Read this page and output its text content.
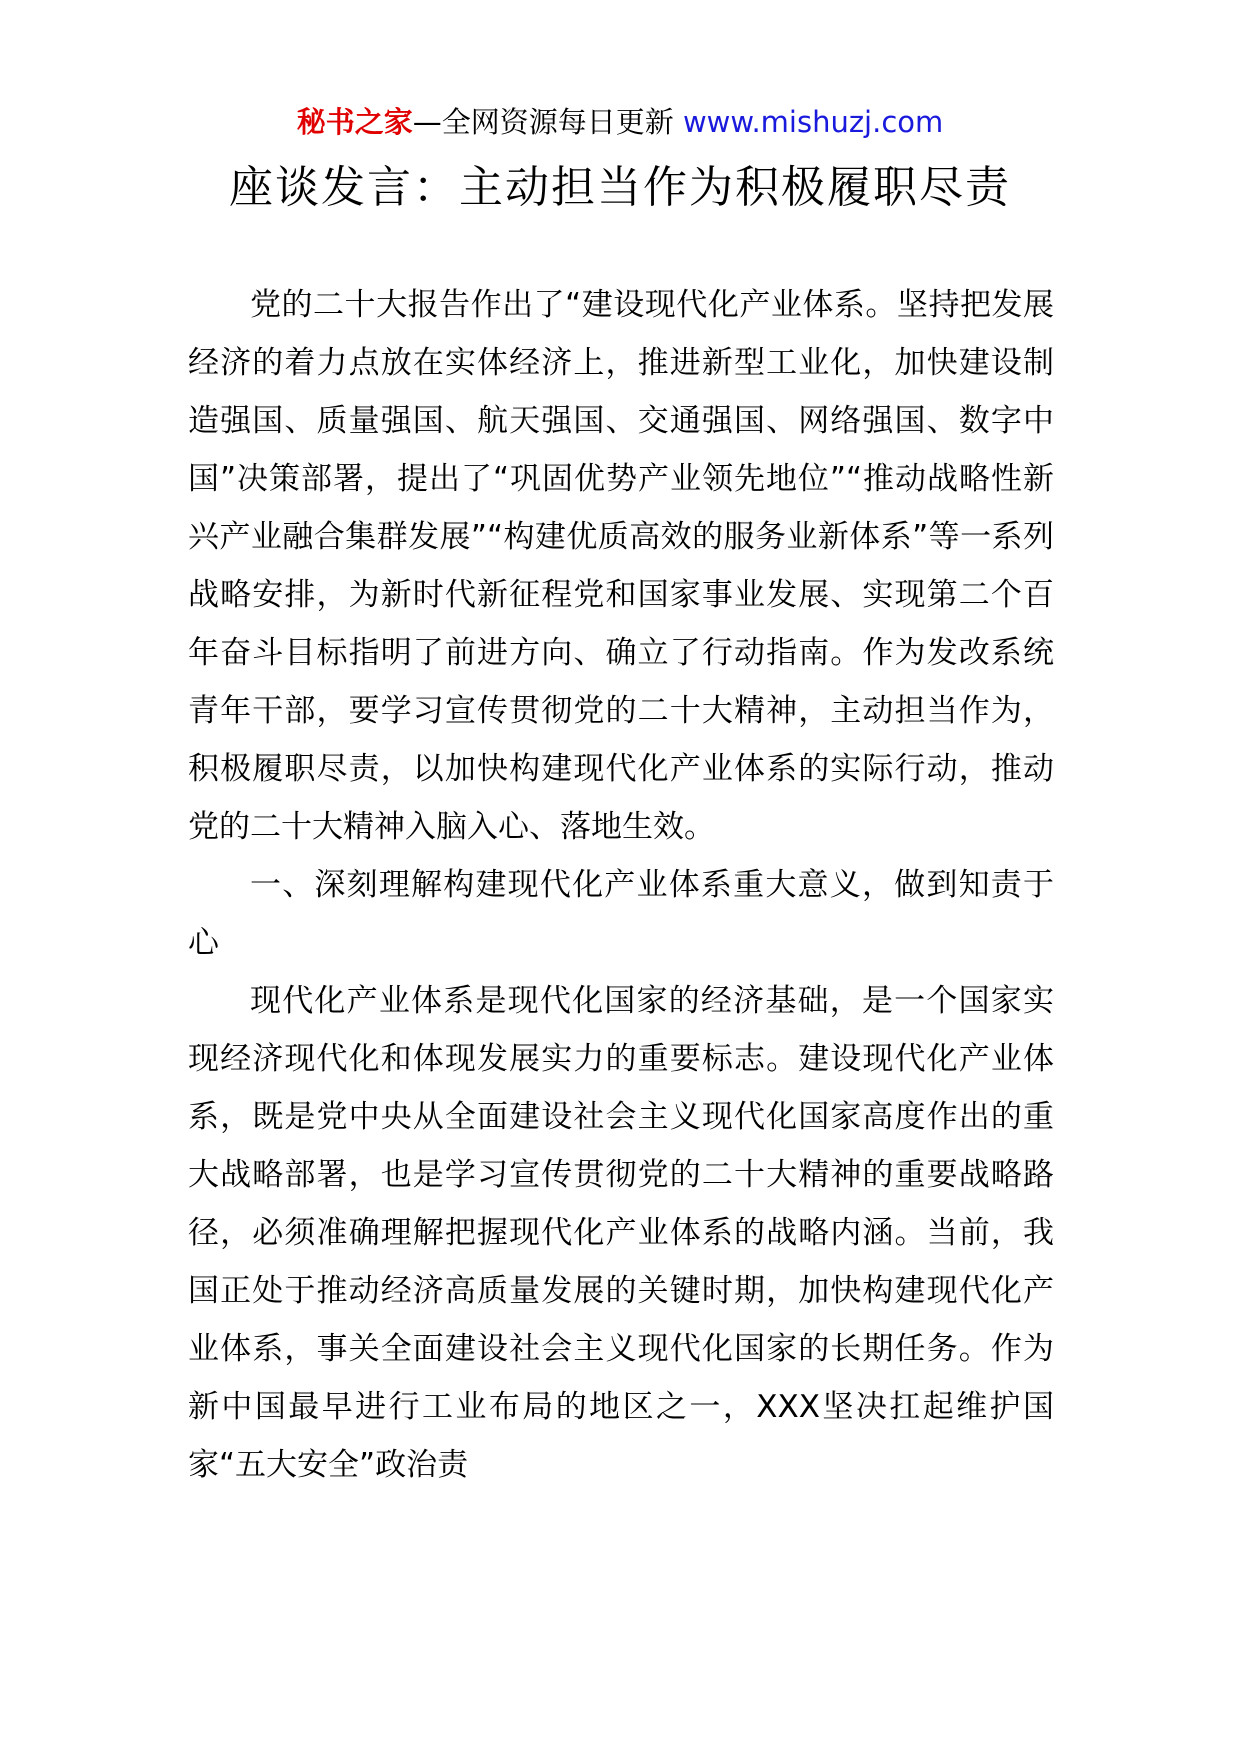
秘书之家—全网资源每日更新 www.mishuzj.com
座谈发言：主动担当作为积极履职尽责

党的二十大报告作出了“建设现代化产业体系。坚持把发展经济的着力点放在实体经济上，推进新型工业化，加快建设制造强国、质量强国、航天强国、交通强国、网络强国、数字中国”决策部署，提出了“巩固优势产业领先地位”“推动战略性新兴产业融合集群发展”“构建优质高效的服务业新体系”等一系列战略安排，为新时代新征程党和国家事业发展、实现第二个百年奋斗目标指明了前进方向、确立了行动指南。作为发改系统青年干部，要学习宣传贯彻党的二十大精神，主动担当作为，积极履职尽责，以加快构建现代化产业体系的实际行动，推动党的二十大精神入脑入心、落地生效。

一、深刻理解构建现代化产业体系重大意义，做到知责于心

现代化产业体系是现代化国家的经济基础，是一个国家实现经济现代化和体现发展实力的重要标志。建设现代化产业体系，既是党中央从全面建设社会主义现代化国家高度作出的重大战略部署，也是学习宣传贯彻党的二十大精神的重要战略路径，必须准确理解把握现代化产业体系的战略内涵。当前，我国正处于推动经济高质量发展的关键时期，加快构建现代化产业体系，事关全面建设社会主义现代化国家的长期任务。作为新中国最早进行工业布局的地区之一，XXX坚决扛起维护国家“五大安全”政治责
